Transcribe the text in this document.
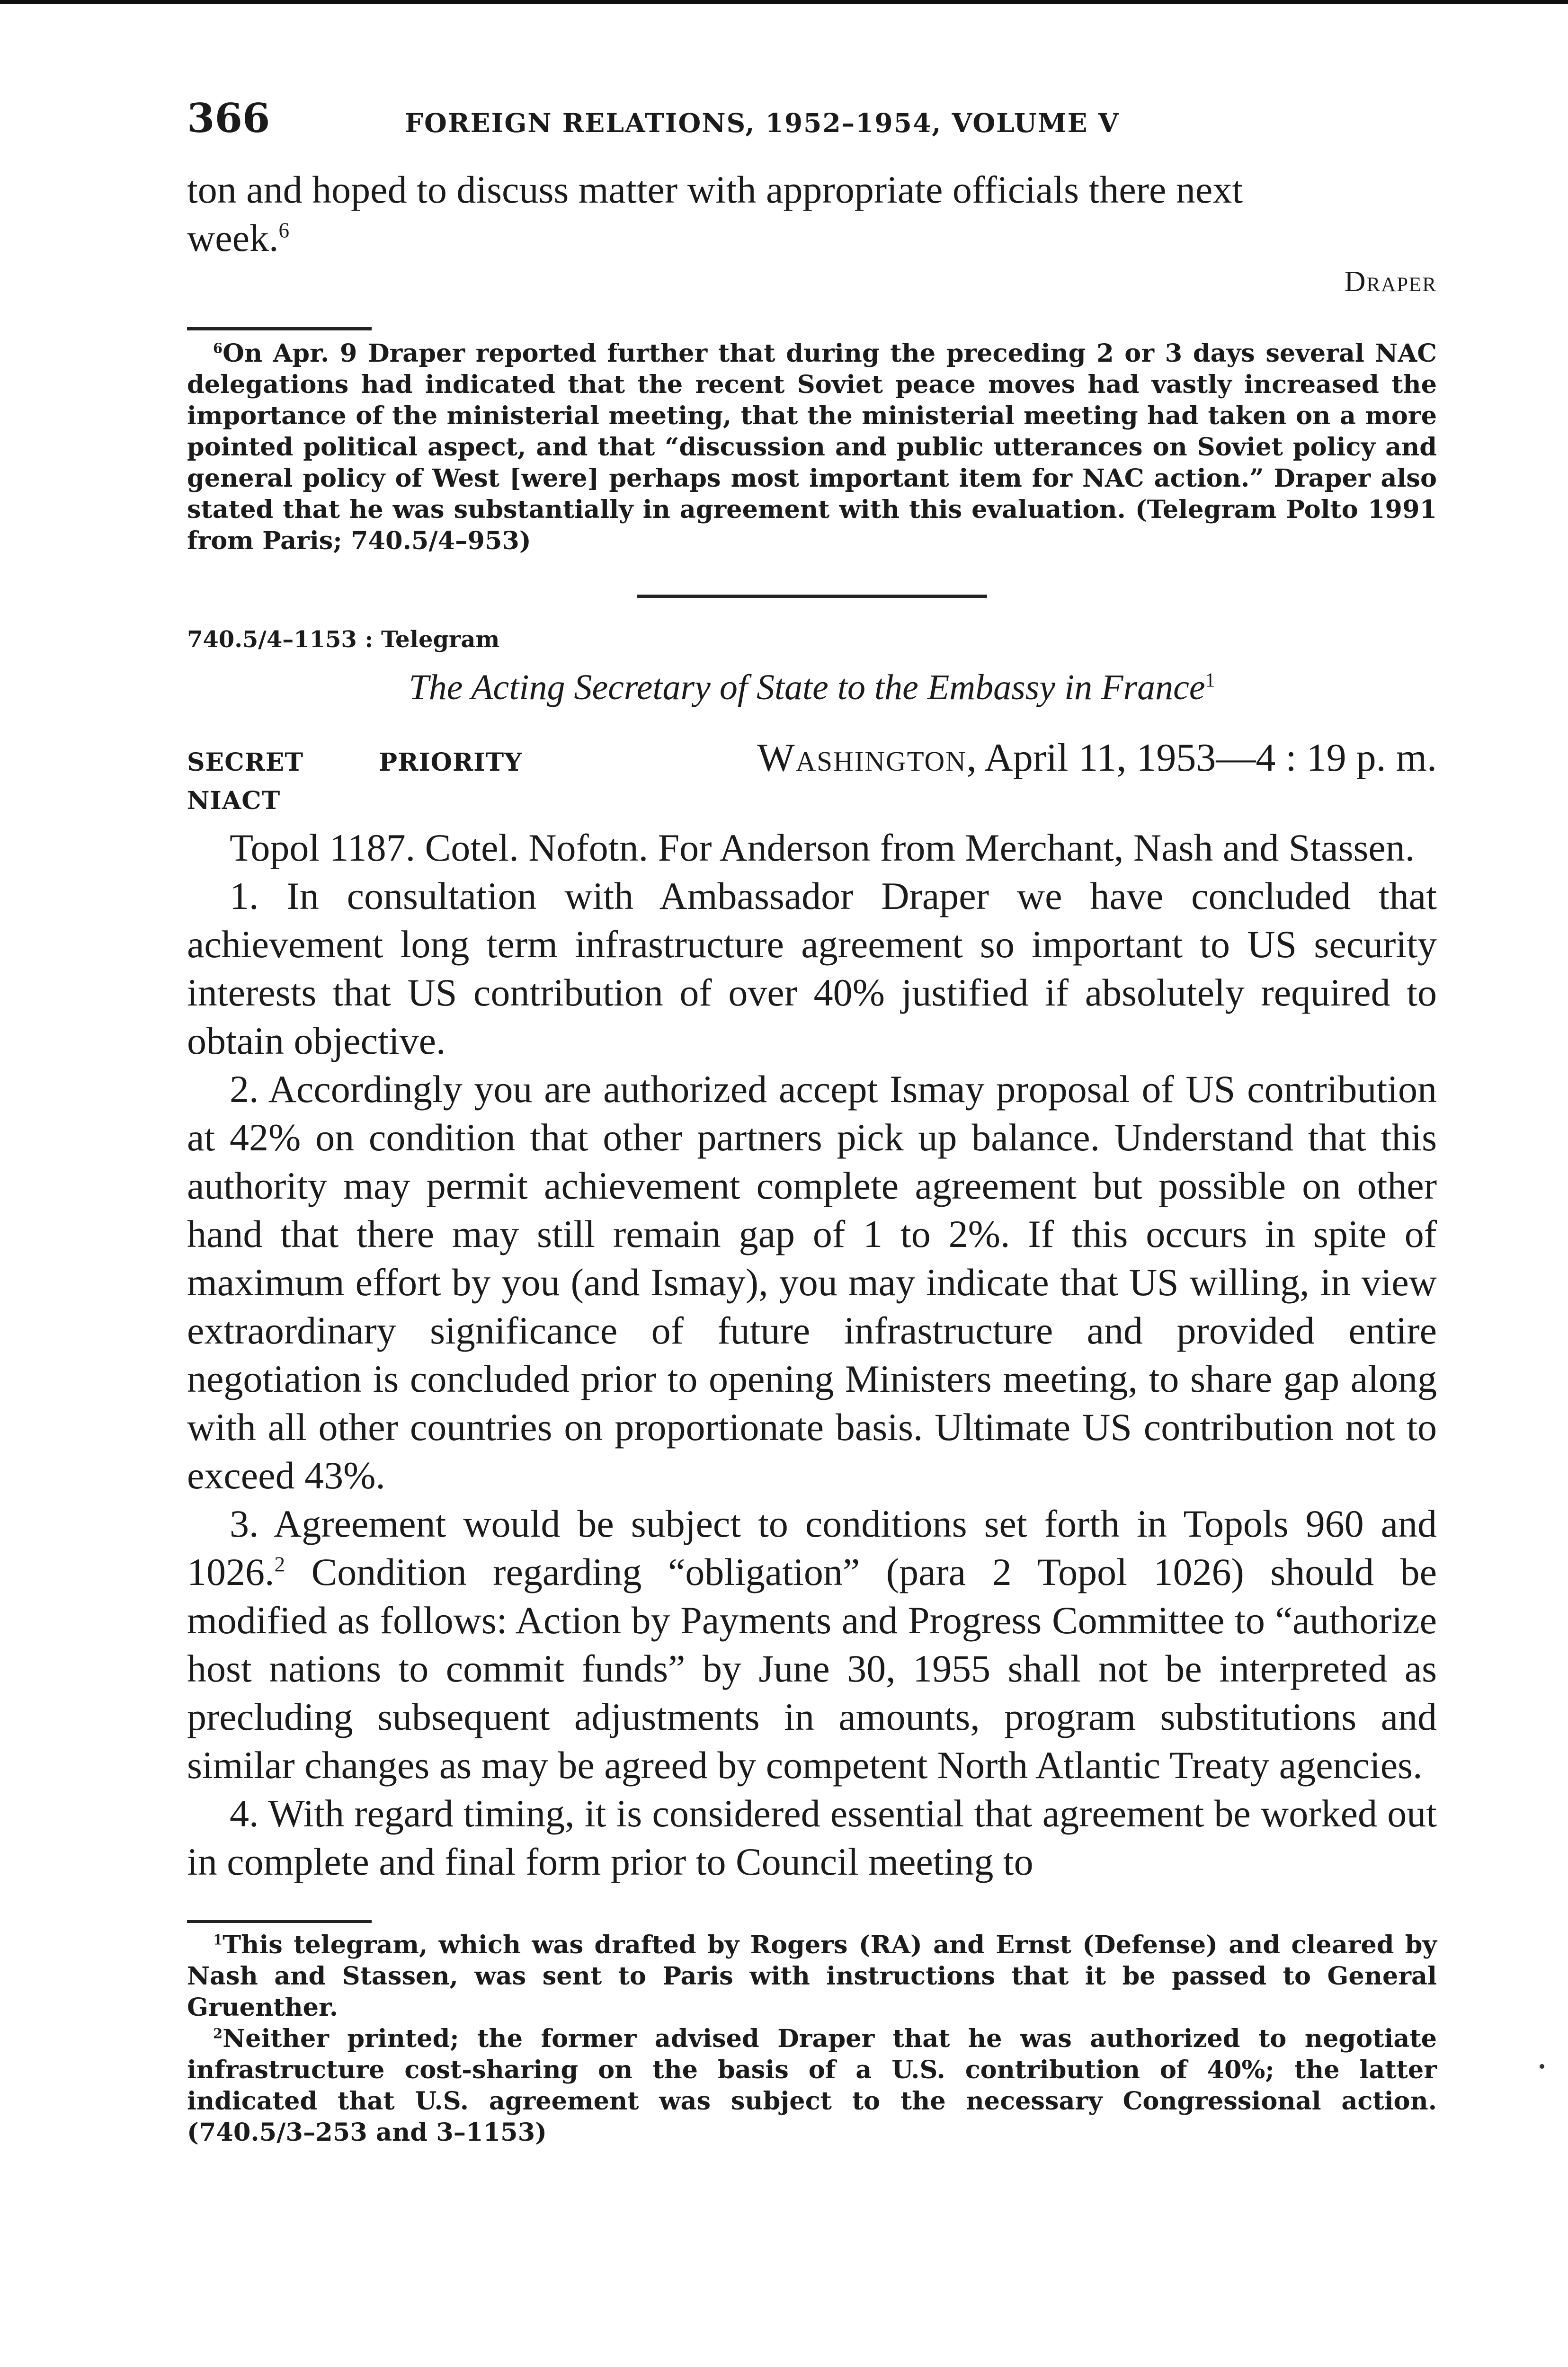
366	FOREIGN RELATIONS, 1952–1954, VOLUME V

ton and hoped to discuss matter with appropriate officials there next
week.$^6$

Draper

$^6$On Apr. 9 Draper reported further that during the preceding 2 or 3 days several NAC delegations had indicated that the recent Soviet peace moves had vastly increased the importance of the ministerial meeting, that the ministerial meeting had taken on a more pointed political aspect, and that “discussion and public utterances on Soviet policy and general policy of West [were] perhaps most important item for NAC action.” Draper also stated that he was substantially in agreement with this evaluation. (Telegram Polto 1991 from Paris; 740.5/4–953)

740.5/4–1153 : Telegram

The Acting Secretary of State to the Embassy in France$^1$

SECRET	PRIORITY	Washington, April 11, 1953—4 : 19 p. m.
NIACT

Topol 1187. Cotel. Nofotn. For Anderson from Merchant, Nash and Stassen.

1. In consultation with Ambassador Draper we have concluded that achievement long term infrastructure agreement so important to US security interests that US contribution of over 40% justified if absolutely required to obtain objective.

2. Accordingly you are authorized accept Ismay proposal of US contribution at 42% on condition that other partners pick up balance. Understand that this authority may permit achievement complete agreement but possible on other hand that there may still remain gap of 1 to 2%. If this occurs in spite of maximum effort by you (and Ismay), you may indicate that US willing, in view extraordinary significance of future infrastructure and provided entire negotiation is concluded prior to opening Ministers meeting, to share gap along with all other countries on proportionate basis. Ultimate US contribution not to exceed 43%.

3. Agreement would be subject to conditions set forth in Topols 960 and 1026.$^2$ Condition regarding “obligation” (para 2 Topol 1026) should be modified as follows: Action by Payments and Progress Committee to “authorize host nations to commit funds” by June 30, 1955 shall not be interpreted as precluding subsequent adjustments in amounts, program substitutions and similar changes as may be agreed by competent North Atlantic Treaty agencies.

4. With regard timing, it is considered essential that agreement be worked out in complete and final form prior to Council meeting to

$^1$This telegram, which was drafted by Rogers (RA) and Ernst (Defense) and cleared by Nash and Stassen, was sent to Paris with instructions that it be passed to General Gruenther.

$^2$Neither printed; the former advised Draper that he was authorized to negotiate infrastructure cost-sharing on the basis of a U.S. contribution of 40%; the latter indicated that U.S. agreement was subject to the necessary Congressional action. (740.5/3–253 and 3–1153)
